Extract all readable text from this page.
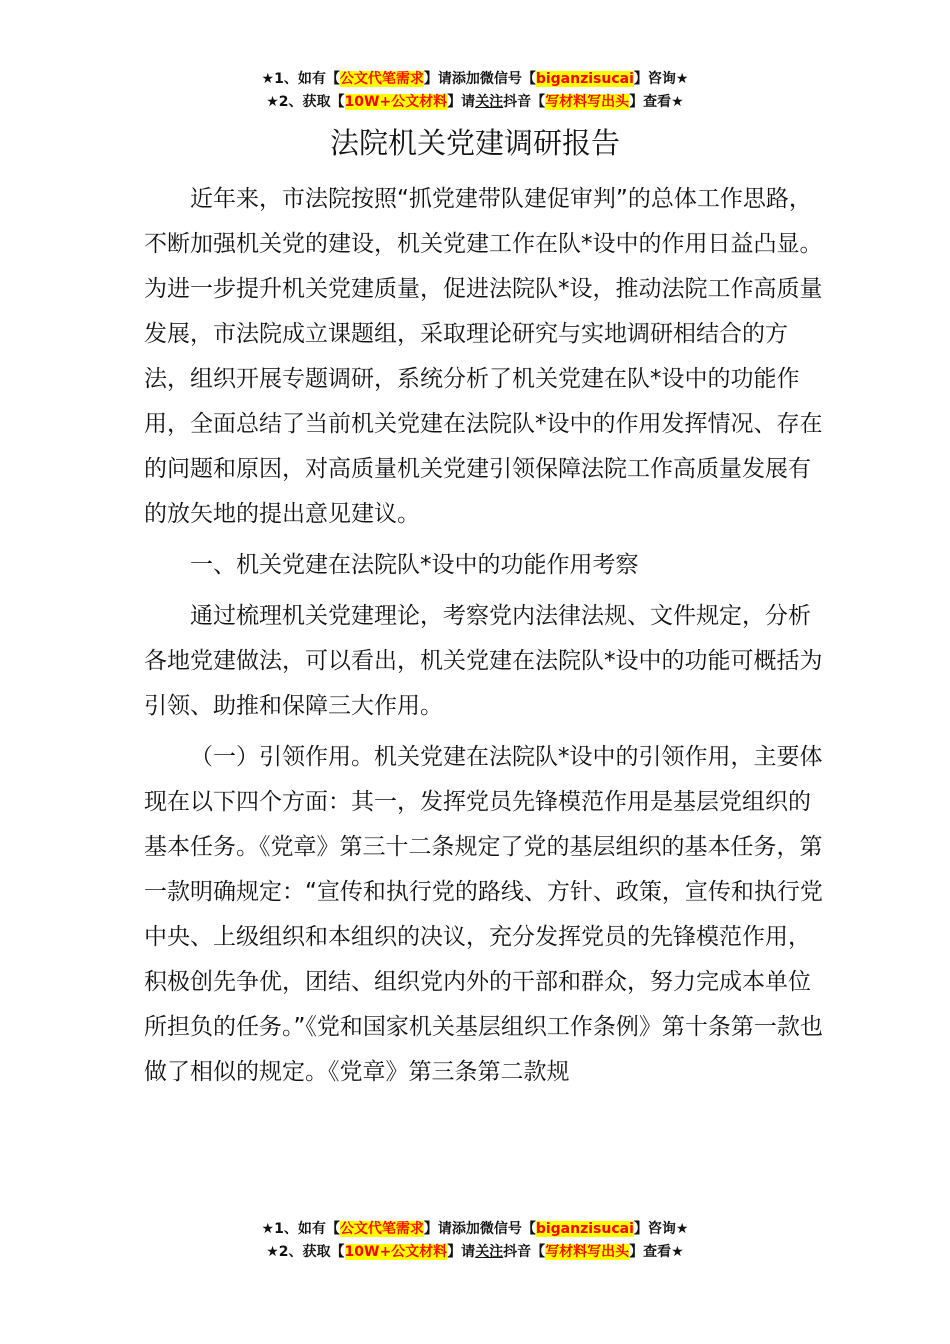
★1、如有【公文代笔需求】请添加微信号【biganzisucai】咨询★
★2、获取【10W+公文材料】请关注抖音【写材料写出头】查看★
法院机关党建调研报告

近年来，市法院按照“抓党建带队建促审判”的总体工作思路，不断加强机关党的建设，机关党建工作在队*设中的作用日益凸显。为进一步提升机关党建质量，促进法院队*设，推动法院工作高质量发展，市法院成立课题组，采取理论研究与实地调研相结合的方法，组织开展专题调研，系统分析了机关党建在队*设中的功能作用，全面总结了当前机关党建在法院队*设中的作用发挥情况、存在的问题和原因，对高质量机关党建引领保障法院工作高质量发展有的放矢地的提出意见建议。

一、机关党建在法院队*设中的功能作用考察

通过梳理机关党建理论，考察党内法律法规、文件规定，分析各地党建做法，可以看出，机关党建在法院队*设中的功能可概括为引领、助推和保障三大作用。

（一）引领作用。机关党建在法院队*设中的引领作用，主要体现在以下四个方面：其一，发挥党员先锋模范作用是基层党组织的基本任务。《党章》第三十二条规定了党的基层组织的基本任务，第一款明确规定：“宣传和执行党的路线、方针、政策，宣传和执行党中央、上级组织和本组织的决议，充分发挥党员的先锋模范作用，积极创先争优，团结、组织党内外的干部和群众，努力完成本单位所担负的任务。”《党和国家机关基层组织工作条例》第十条第一款也做了相似的规定。《党章》第三条第二款规

★1、如有【公文代笔需求】请添加微信号【biganzisucai】咨询★
★2、获取【10W+公文材料】请关注抖音【写材料写出头】查看★
